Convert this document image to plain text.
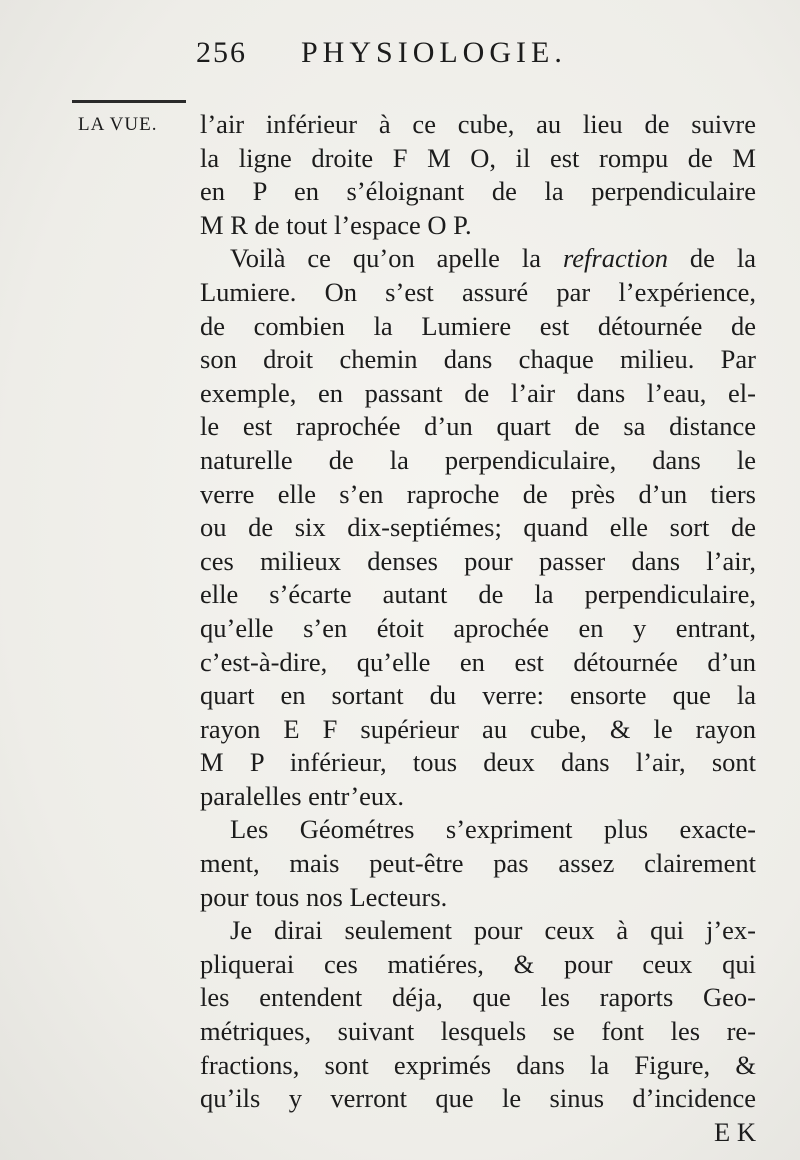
256 PHYSIOLOGIE.
LA VUE. l’air inférieur à ce cube, au lieu de suivre
la ligne droite F M O, il est rompu de M
en P en s’éloignant de la perpendiculaire
M R de tout l’espace O P.
Voilà ce qu’on apelle la refraction de la
Lumiere. On s’est assuré par l’expérience,
de combien la Lumiere est détournée de
son droit chemin dans chaque milieu. Par
exemple, en passant de l’air dans l’eau, el-
le est raprochée d’un quart de sa distance
naturelle de la perpendiculaire, dans le
verre elle s’en raproche de près d’un tiers
ou de six dix-septiémes; quand elle sort de
ces milieux denses pour passer dans l’air,
elle s’écarte autant de la perpendiculaire,
qu’elle s’en étoit aprochée en y entrant,
c’est-à-dire, qu’elle en est détournée d’un
quart en sortant du verre: ensorte que la
rayon E F supérieur au cube, & le rayon
M P inférieur, tous deux dans l’air, sont
paralelles entr’eux.
Les Géométres s’expriment plus exacte-
ment, mais peut-être pas assez clairement
pour tous nos Lecteurs.
Je dirai seulement pour ceux à qui j’ex-
pliquerai ces matiéres, & pour ceux qui
les entendent déja, que les raports Geo-
métriques, suivant lesquels se font les re-
fractions, sont exprimés dans la Figure, &
qu’ils y verront que le sinus d’incidence
E K
